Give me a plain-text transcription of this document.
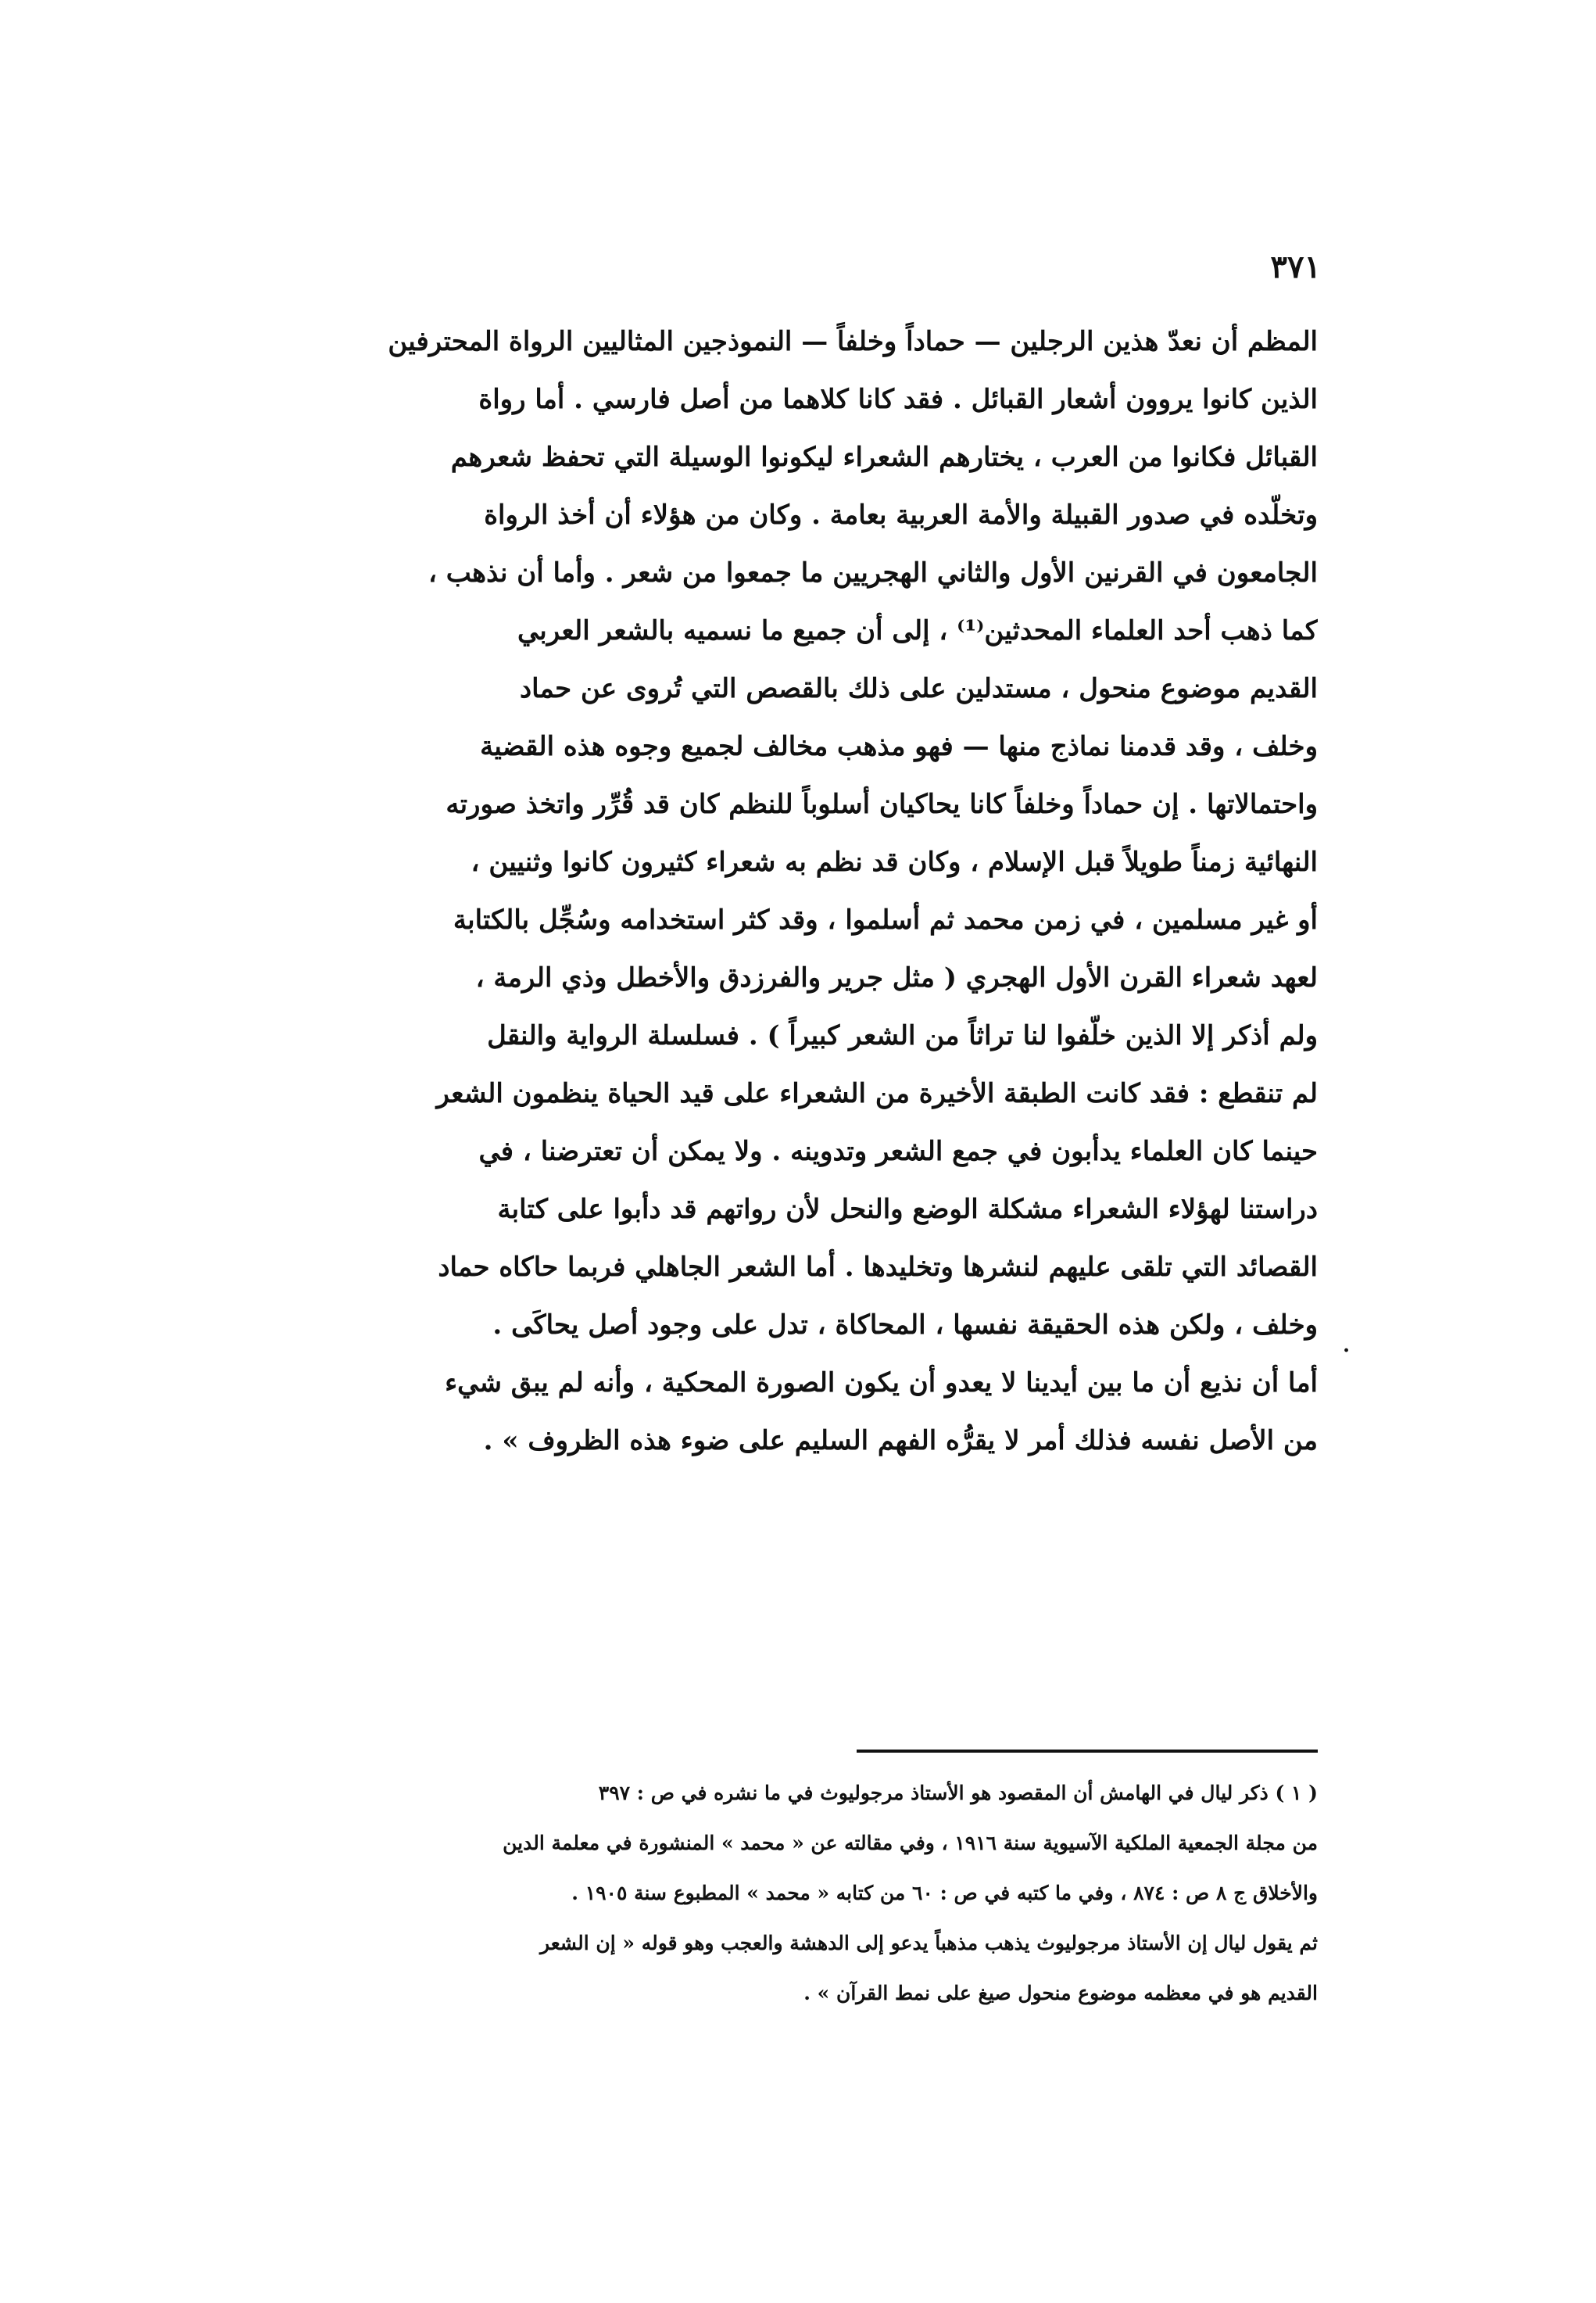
٣٧١

المظم أن نعدّ هذين الرجلين — حماداً وخلفاً — النموذجين المثاليين الرواة المحترفين
الذين كانوا يروون أشعار القبائل . فقد كانا كلاهما من أصل فارسي . أما رواة
القبائل فكانوا من العرب ، يختارهم الشعراء ليكونوا الوسيلة التي تحفظ شعرهم
وتخلّده في صدور القبيلة والأمة العربية بعامة . وكان من هؤلاء أن أخذ الرواة
الجامعون في القرنين الأول والثاني الهجريين ما جمعوا من شعر . وأما أن نذهب ،
كما ذهب أحد العلماء المحدثين⁽¹⁾ ، إلى أن جميع ما نسميه بالشعر العربي
القديم موضوع منحول ، مستدلين على ذلك بالقصص التي تُروى عن حماد
وخلف ، وقد قدمنا نماذج منها — فهو مذهب مخالف لجميع وجوه هذه القضية
واحتمالاتها . إن حماداً وخلفاً كانا يحاكيان أسلوباً للنظم كان قد قُرِّر واتخذ صورته
النهائية زمناً طويلاً قبل الإسلام ، وكان قد نظم به شعراء كثيرون كانوا وثنيين ،
أو غير مسلمين ، في زمن محمد ثم أسلموا ، وقد كثر استخدامه وسُجِّل بالكتابة
لعهد شعراء القرن الأول الهجري ( مثل جرير والفرزدق والأخطل وذي الرمة ،
ولم أذكر إلا الذين خلّفوا لنا تراثاً من الشعر كبيراً ) . فسلسلة الرواية والنقل
لم تنقطع : فقد كانت الطبقة الأخيرة من الشعراء على قيد الحياة ينظمون الشعر
حينما كان العلماء يدأبون في جمع الشعر وتدوينه . ولا يمكن أن تعترضنا ، في
دراستنا لهؤلاء الشعراء مشكلة الوضع والنحل لأن رواتهم قد دأبوا على كتابة
القصائد التي تلقى عليهم لنشرها وتخليدها . أما الشعر الجاهلي فربما حاكاه حماد
وخلف ، ولكن هذه الحقيقة نفسها ، المحاكاة ، تدل على وجود أصل يحاكَى .
أما أن نذيع أن ما بين أيدينا لا يعدو أن يكون الصورة المحكية ، وأنه لم يبق شيء
من الأصل نفسه فذلك أمر لا يقرُّه الفهم السليم على ضوء هذه الظروف » .
.
( ١ ) ذكر ليال في الهامش أن المقصود هو الأستاذ مرجوليوث في ما نشره في ص : ٣٩٧
من مجلة الجمعية الملكية الآسيوية سنة ١٩١٦ ، وفي مقالته عن « محمد » المنشورة في معلمة الدين
والأخلاق ج ٨ ص : ٨٧٤ ، وفي ما كتبه في ص : ٦٠ من كتابه « محمد » المطبوع سنة ١٩٠٥ .
ثم يقول ليال إن الأستاذ مرجوليوث يذهب مذهباً يدعو إلى الدهشة والعجب وهو قوله « إن الشعر
القديم هو في معظمه موضوع منحول صيغ على نمط القرآن » .
